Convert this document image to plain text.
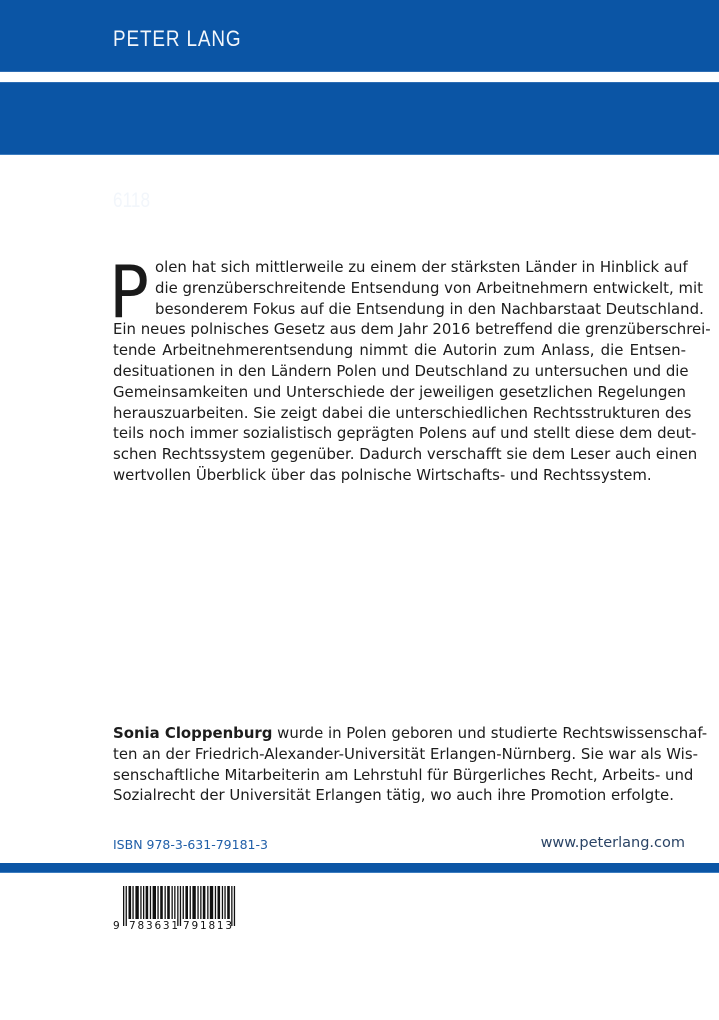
PETER LANG
6118
P olen hat sich mittlerweile zu einem der stärksten Länder in Hinblick auf
die grenzüberschreitende Entsendung von Arbeitnehmern entwickelt, mit
besonderem Fokus auf die Entsendung in den Nachbarstaat Deutschland.
Ein neues polnisches Gesetz aus dem Jahr 2016 betreffend die grenzüberschrei-
tende Arbeitnehmerentsendung nimmt die Autorin zum Anlass, die Entsen-
desituationen in den Ländern Polen und Deutschland zu untersuchen und die
Gemeinsamkeiten und Unterschiede der jeweiligen gesetzlichen Regelungen
herauszuarbeiten. Sie zeigt dabei die unterschiedlichen Rechtsstrukturen des
teils noch immer sozialistisch geprägten Polens auf und stellt diese dem deut-
schen Rechtssystem gegenüber. Dadurch verschafft sie dem Leser auch einen
wertvollen Überblick über das polnische Wirtschafts- und Rechtssystem.
Sonia Cloppenburg wurde in Polen geboren und studierte Rechtswissenschaf-
ten an der Friedrich-Alexander-Universität Erlangen-Nürnberg. Sie war als Wis-
senschaftliche Mitarbeiterin am Lehrstuhl für Bürgerliches Recht, Arbeits- und
Sozialrecht der Universität Erlangen tätig, wo auch ihre Promotion erfolgte.
ISBN 978-3-631-79181-3	www.peterlang.com
9 783631 791813
